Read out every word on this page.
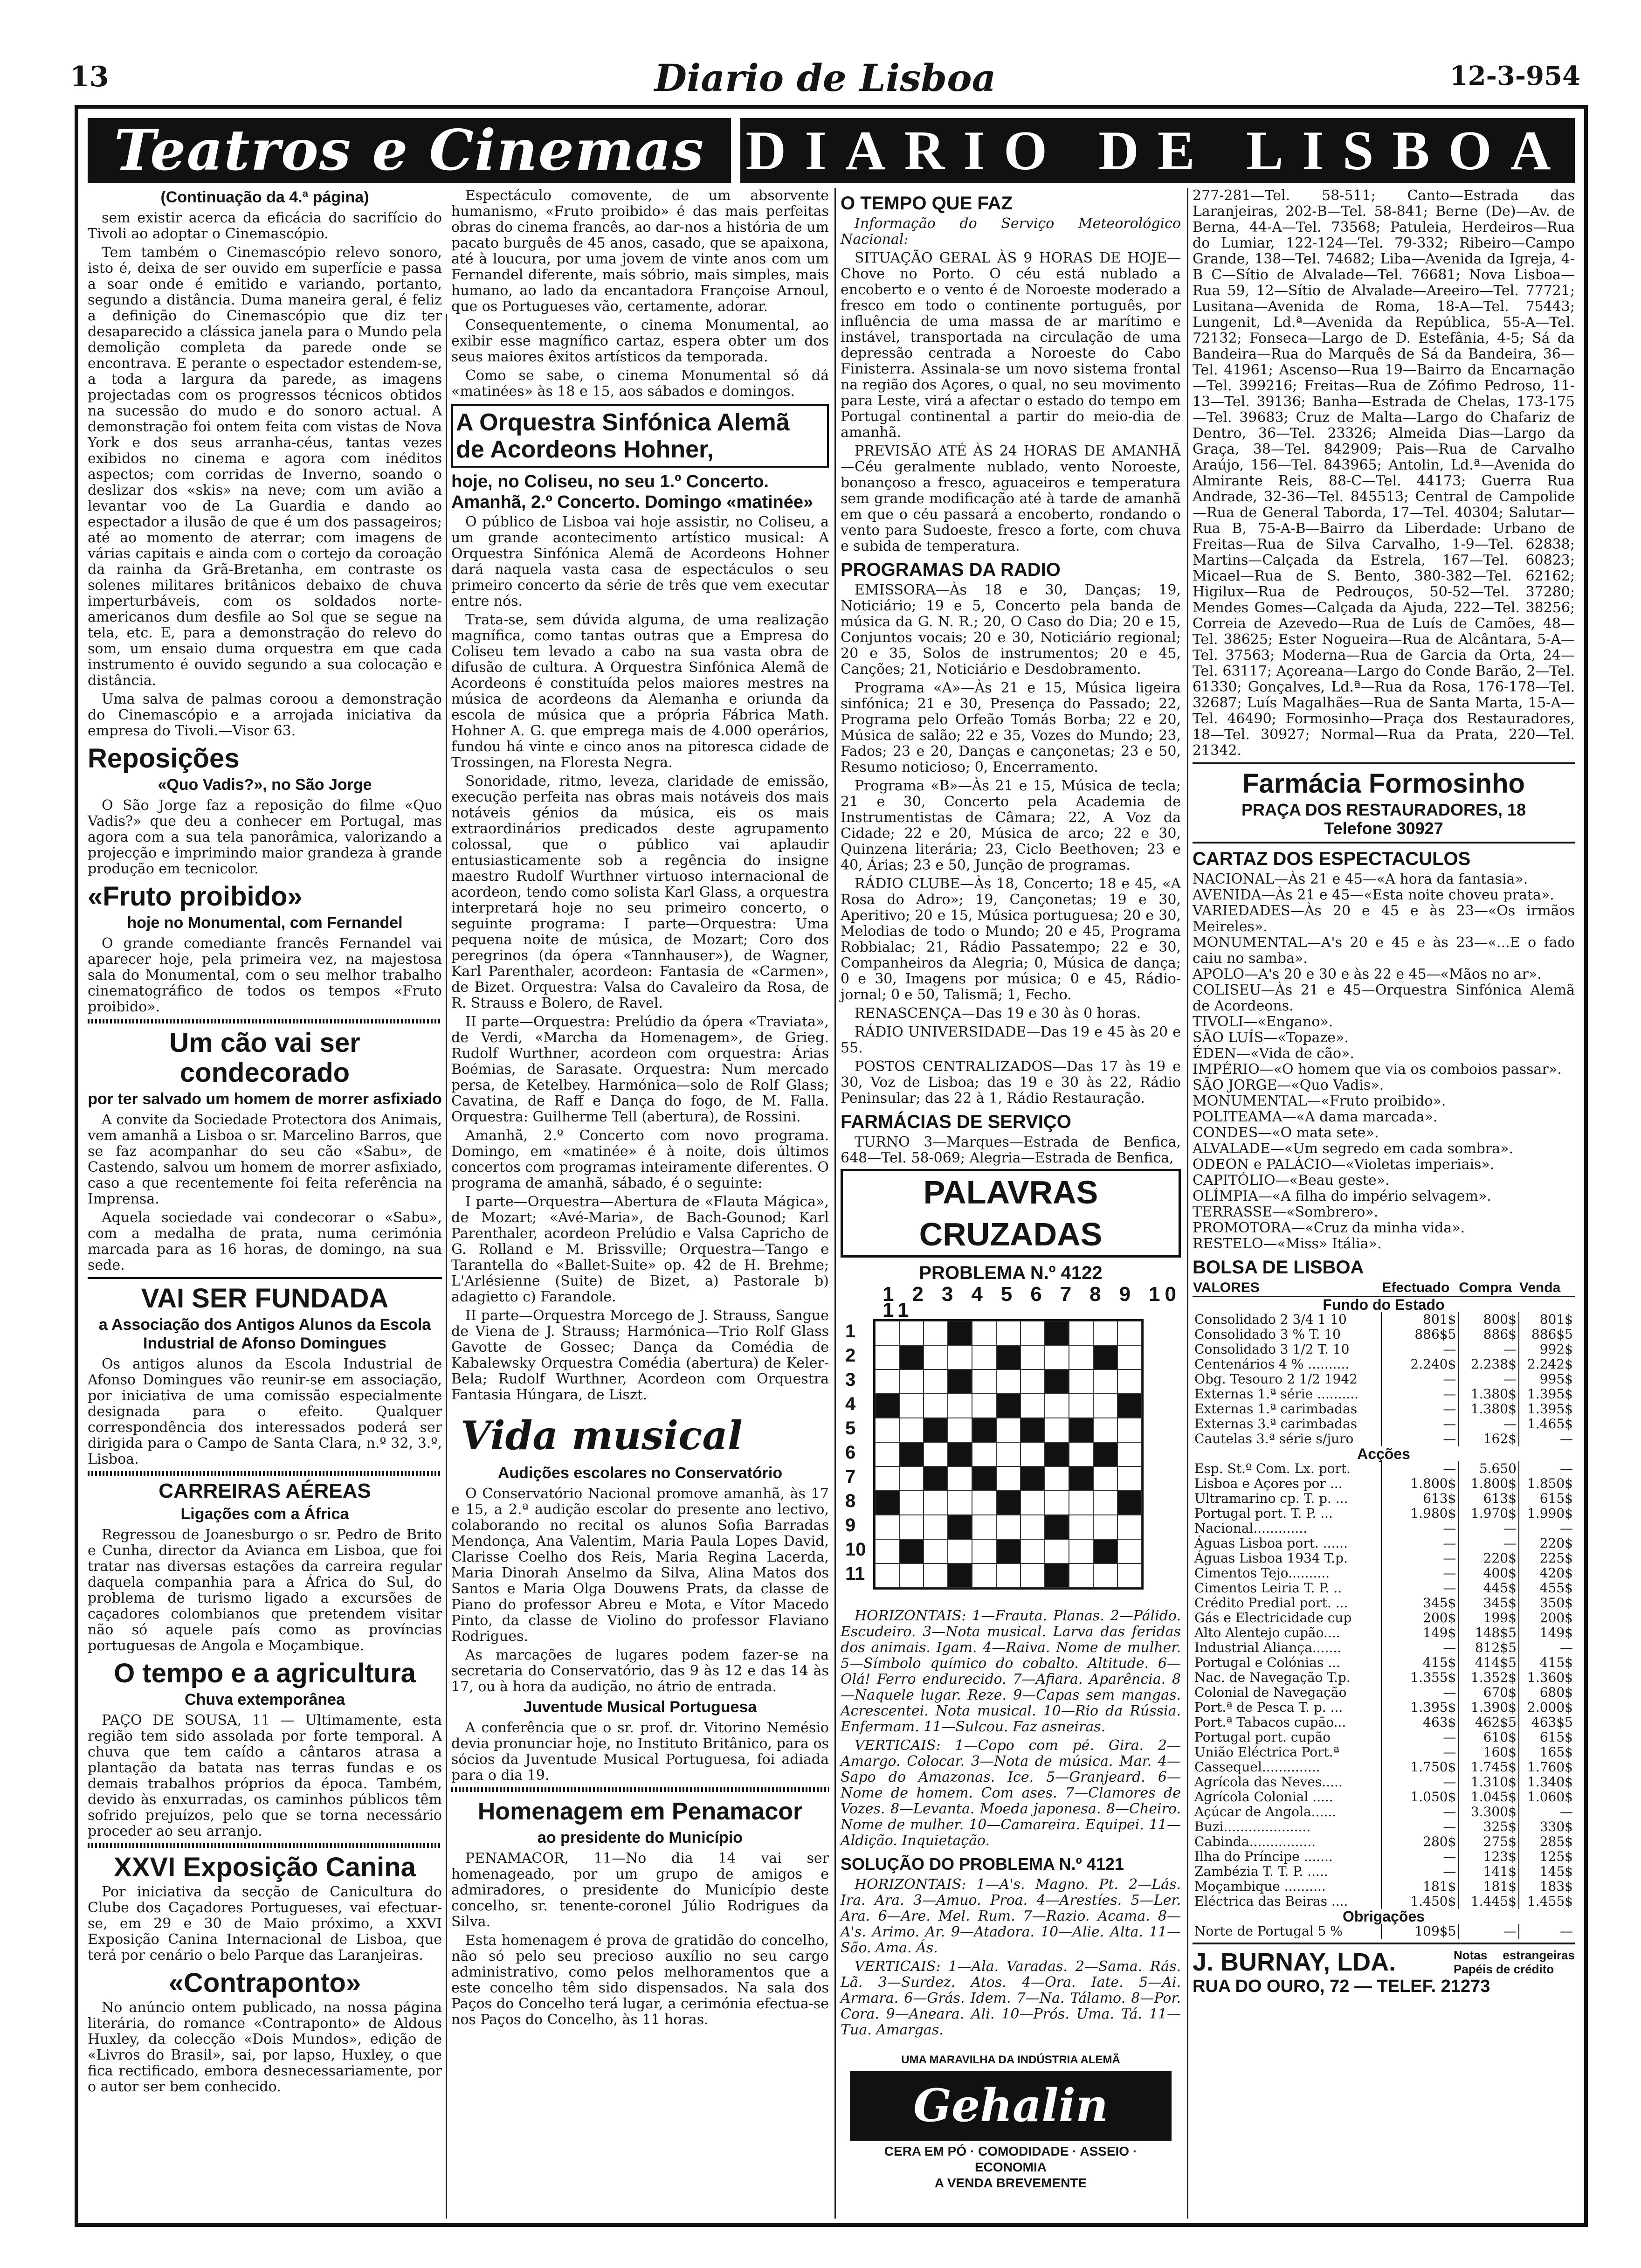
13	Diario de Lisboa	12-3-954
Teatros e Cinemas DIARIO DE LISBOA
(Continuação da 4.ª página)

sem existir acerca da eficácia do sacrifício do Tivoli ao adoptar o Cinemascópio.

Tem também o Cinemascópio relevo sonoro, isto é, deixa de ser ouvido em superfície e passa a soar onde é emitido e variando, portanto, segundo a distância. Duma maneira geral, é feliz a definição do Cinemascópio que diz ter desaparecido a clássica janela para o Mundo pela demolição completa da parede onde se encontrava. E perante o espectador estendem-se, a toda a largura da parede, as imagens projectadas com os progressos técnicos obtidos na sucessão do mudo e do sonoro actual. A demonstração foi ontem feita com vistas de Nova York e dos seus arranha-céus, tantas vezes exibidos no cinema e agora com inéditos aspectos; com corridas de Inverno, soando o deslizar dos «skis» na neve; com um avião a levantar voo de La Guardia e dando ao espectador a ilusão de que é um dos passageiros; até ao momento de aterrar; com imagens de várias capitais e ainda com o cortejo da coroação da rainha da Grã-Bretanha, em contraste os solenes militares britânicos debaixo de chuva imperturbáveis, com os soldados norte-americanos dum desfile ao Sol que se segue na tela, etc. E, para a demonstração do relevo do som, um ensaio duma orquestra em que cada instrumento é ouvido segundo a sua colocação e distância.

Uma salva de palmas coroou a demonstração do Cinemascópio e a arrojada iniciativa da empresa do Tivoli.—Visor 63.

Reposições
«Quo Vadis?», no São Jorge

O São Jorge faz a reposição do filme «Quo Vadis?» que deu a conhecer em Portugal, mas agora com a sua tela panorâmica, valorizando a projecção e imprimindo maior grandeza à grande produção em tecnicolor.

«Fruto proibido»
hoje no Monumental, com Fernandel

O grande comediante francês Fernandel vai aparecer hoje, pela primeira vez, na majestosa sala do Monumental, com o seu melhor trabalho cinematográfico de todos os tempos «Fruto proibido».

Um cão vai ser condecorado
por ter salvado um homem de morrer asfixiado

A convite da Sociedade Protectora dos Animais, vem amanhã a Lisboa o sr. Marcelino Barros, que se faz acompanhar do seu cão «Sabu», de Castendo, salvou um homem de morrer asfixiado, caso a que recentemente foi feita referência na Imprensa.

Aquela sociedade vai condecorar o «Sabu», com a medalha de prata, numa cerimónia marcada para as 16 horas, de domingo, na sua sede.

VAI SER FUNDADA
a Associação dos Antigos Alunos da Escola Industrial de Afonso Domingues

Os antigos alunos da Escola Industrial de Afonso Domingues vão reunir-se em associação, por iniciativa de uma comissão especialmente designada para o efeito. Qualquer correspondência dos interessados poderá ser dirigida para o Campo de Santa Clara, n.º 32, 3.º, Lisboa.

CARREIRAS AÉREAS
Ligações com a África

Regressou de Joanesburgo o sr. Pedro de Brito e Cunha, director da Avianca em Lisboa, que foi tratar nas diversas estações da carreira regular daquela companhia para a África do Sul, do problema de turismo ligado a excursões de caçadores colombianos que pretendem visitar não só aquele país como as províncias portuguesas de Angola e Moçambique.

O tempo e a agricultura
Chuva extemporânea

PAÇO DE SOUSA, 11 — Ultimamente, esta região tem sido assolada por forte temporal. A chuva que tem caído a cântaros atrasa a plantação da batata nas terras fundas e os demais trabalhos próprios da época. Também, devido às enxurradas, os caminhos públicos têm sofrido prejuízos, pelo que se torna necessário proceder ao seu arranjo.

XXVI Exposição Canina

Por iniciativa da secção de Canicultura do Clube dos Caçadores Portugueses, vai efectuar-se, em 29 e 30 de Maio próximo, a XXVI Exposição Canina Internacional de Lisboa, que terá por cenário o belo Parque das Laranjeiras.

«Contraponto»

No anúncio ontem publicado, na nossa página literária, do romance «Contraponto» de Aldous Huxley, da colecção «Dois Mundos», edição de «Livros do Brasil», sai, por lapso, Huxley, o que fica rectificado, embora desnecessariamente, por o autor ser bem conhecido.

Espectáculo comovente, de um absorvente humanismo, «Fruto proibido» é das mais perfeitas obras do cinema francês, ao dar-nos a história de um pacato burguês de 45 anos, casado, que se apaixona, até à loucura, por uma jovem de vinte anos com um Fernandel diferente, mais sóbrio, mais simples, mais humano, ao lado da encantadora Françoise Arnoul, que os Portugueses vão, certamente, adorar.

Consequentemente, o cinema Monumental, ao exibir esse magnífico cartaz, espera obter um dos seus maiores êxitos artísticos da temporada.

Como se sabe, o cinema Monumental só dá «matinées» às 18 e 15, aos sábados e domingos.

A Orquestra Sinfónica Alemã de Acordeons Hohner,
hoje, no Coliseu, no seu 1.º Concerto. Amanhã, 2.º Concerto. Domingo «matinée»

O público de Lisboa vai hoje assistir, no Coliseu, a um grande acontecimento artístico musical: A Orquestra Sinfónica Alemã de Acordeons Hohner dará naquela vasta casa de espectáculos o seu primeiro concerto da série de três que vem executar entre nós.

Trata-se, sem dúvida alguma, de uma realização magnífica, como tantas outras que a Empresa do Coliseu tem levado a cabo na sua vasta obra de difusão de cultura. A Orquestra Sinfónica Alemã de Acordeons é constituída pelos maiores mestres na música de acordeons da Alemanha e oriunda da escola de música que a própria Fábrica Math. Hohner A. G. que emprega mais de 4.000 operários, fundou há vinte e cinco anos na pitoresca cidade de Trossingen, na Floresta Negra.

Sonoridade, ritmo, leveza, claridade de emissão, execução perfeita nas obras mais notáveis dos mais notáveis génios da música, eis os mais extraordinários predicados deste agrupamento colossal, que o público vai aplaudir entusiasticamente sob a regência do insigne maestro Rudolf Wurthner virtuoso internacional de acordeon, tendo como solista Karl Glass, a orquestra interpretará hoje no seu primeiro concerto, o seguinte programa: I parte—Orquestra: Uma pequena noite de música, de Mozart; Coro dos peregrinos (da ópera «Tannhauser»), de Wagner, Karl Parenthaler, acordeon: Fantasia de «Carmen», de Bizet. Orquestra: Valsa do Cavaleiro da Rosa, de R. Strauss e Bolero, de Ravel.

II parte—Orquestra: Prelúdio da ópera «Traviata», de Verdi, «Marcha da Homenagem», de Grieg. Rudolf Wurthner, acordeon com orquestra: Árias Boémias, de Sarasate. Orquestra: Num mercado persa, de Ketelbey. Harmónica—solo de Rolf Glass; Cavatina, de Raff e Dança do fogo, de M. Falla. Orquestra: Guilherme Tell (abertura), de Rossini.

Amanhã, 2.º Concerto com novo programa. Domingo, em «matinée» é à noite, dois últimos concertos com programas inteiramente diferentes. O programa de amanhã, sábado, é o seguinte:

I parte—Orquestra—Abertura de «Flauta Mágica», de Mozart; «Avé-Maria», de Bach-Gounod; Karl Parenthaler, acordeon Prelúdio e Valsa Capricho de G. Rolland e M. Brissville; Orquestra—Tango e Tarantella do «Ballet-Suite» op. 42 de H. Brehme; L'Arlésienne (Suite) de Bizet, a) Pastorale b) adagietto c) Farandole.

II parte—Orquestra Morcego de J. Strauss, Sangue de Viena de J. Strauss; Harmónica—Trio Rolf Glass Gavotte de Gossec; Dança da Comédia de Kabalewsky Orquestra Comédia (abertura) de Keler-Bela; Rudolf Wurthner, Acordeon com Orquestra Fantasia Húngara, de Liszt.

Vida musical
Audições escolares no Conservatório

O Conservatório Nacional promove amanhã, às 17 e 15, a 2.ª audição escolar do presente ano lectivo, colaborando no recital os alunos Sofia Barradas Mendonça, Ana Valentim, Maria Paula Lopes David, Clarisse Coelho dos Reis, Maria Regina Lacerda, Maria Dinorah Anselmo da Silva, Alina Matos dos Santos e Maria Olga Douwens Prats, da classe de Piano do professor Abreu e Mota, e Vítor Macedo Pinto, da classe de Violino do professor Flaviano Rodrigues.

As marcações de lugares podem fazer-se na secretaria do Conservatório, das 9 às 12 e das 14 às 17, ou à hora da audição, no átrio de entrada.

Juventude Musical Portuguesa

A conferência que o sr. prof. dr. Vitorino Nemésio devia pronunciar hoje, no Instituto Britânico, para os sócios da Juventude Musical Portuguesa, foi adiada para o dia 19.

Homenagem em Penamacor
ao presidente do Município

PENAMACOR, 11—No dia 14 vai ser homenageado, por um grupo de amigos e admiradores, o presidente do Município deste concelho, sr. tenente-coronel Júlio Rodrigues da Silva.

Esta homenagem é prova de gratidão do concelho, não só pelo seu precioso auxílio no seu cargo administrativo, como pelos melhoramentos que a este concelho têm sido dispensados. Na sala dos Paços do Concelho terá lugar, a cerimónia efectua-se nos Paços do Concelho, às 11 horas.

O TEMPO QUE FAZ

Informação do Serviço Meteorológico Nacional:

SITUAÇÃO GERAL ÀS 9 HORAS DE HOJE—Chove no Porto. O céu está nublado a encoberto e o vento é de Noroeste moderado a fresco em todo o continente português, por influência de uma massa de ar marítimo e instável, transportada na circulação de uma depressão centrada a Noroeste do Cabo Finisterra. Assinala-se um novo sistema frontal na região dos Açores, o qual, no seu movimento para Leste, virá a afectar o estado do tempo em Portugal continental a partir do meio-dia de amanhã.

PREVISÃO ATÉ ÀS 24 HORAS DE AMANHÃ—Céu geralmente nublado, vento Noroeste, bonançoso a fresco, aguaceiros e temperatura sem grande modificação até à tarde de amanhã em que o céu passará a encoberto, rondando o vento para Sudoeste, fresco a forte, com chuva e subida de temperatura.

PROGRAMAS DA RADIO

EMISSORA—Às 18 e 30, Danças; 19, Noticiário; 19 e 5, Concerto pela banda de música da G. N. R.; 20, O Caso do Dia; 20 e 15, Conjuntos vocais; 20 e 30, Noticiário regional; 20 e 35, Solos de instrumentos; 20 e 45, Canções; 21, Noticiário e Desdobramento.

Programa «A»—Às 21 e 15, Música ligeira sinfónica; 21 e 30, Presença do Passado; 22, Programa pelo Orfeão Tomás Borba; 22 e 20, Música de salão; 22 e 35, Vozes do Mundo; 23, Fados; 23 e 20, Danças e cançonetas; 23 e 50, Resumo noticioso; 0, Encerramento.

Programa «B»—Às 21 e 15, Música de tecla; 21 e 30, Concerto pela Academia de Instrumentistas de Câmara; 22, A Voz da Cidade; 22 e 20, Música de arco; 22 e 30, Quinzena literária; 23, Ciclo Beethoven; 23 e 40, Árias; 23 e 50, Junção de programas.

RÁDIO CLUBE—Às 18, Concerto; 18 e 45, «A Rosa do Adro»; 19, Cançonetas; 19 e 30, Aperitivo; 20 e 15, Música portuguesa; 20 e 30, Melodias de todo o Mundo; 20 e 45, Programa Robbialac; 21, Rádio Passatempo; 22 e 30, Companheiros da Alegria; 0, Música de dança; 0 e 30, Imagens por música; 0 e 45, Rádio-jornal; 0 e 50, Talismã; 1, Fecho.

RENASCENÇA—Das 19 e 30 às 0 horas.

RÁDIO UNIVERSIDADE—Das 19 e 45 às 20 e 55.

POSTOS CENTRALIZADOS—Das 17 às 19 e 30, Voz de Lisboa; das 19 e 30 às 22, Rádio Peninsular; das 22 à 1, Rádio Restauração.

FARMÁCIAS DE SERVIÇO

TURNO 3—Marques—Estrada de Benfica, 648—Tel. 58-069; Alegria—Estrada de Benfica,

PALAVRAS CRUZADAS
PROBLEMA N.º 4122
1 2 3 4 5 6 7 8 9 10 11
1
2
3
4
5
6
7
8
9
10
11

HORIZONTAIS: 1—Frauta. Planas. 2—Pálido. Escudeiro. 3—Nota musical. Larva das feridas dos animais. Igam. 4—Raiva. Nome de mulher. 5—Símbolo químico do cobalto. Altitude. 6—Olá! Ferro endurecido. 7—Afiara. Aparência. 8—Naquele lugar. Reze. 9—Capas sem mangas. Acrescentei. Nota musical. 10—Rio da Rússia. Enfermam. 11—Sulcou. Faz asneiras.

VERTICAIS: 1—Copo com pé. Gira. 2—Amargo. Colocar. 3—Nota de música. Mar. 4—Sapo do Amazonas. Ice. 5—Granjeard. 6—Nome de homem. Com ases. 7—Clamores de Vozes. 8—Levanta. Moeda japonesa. 8—Cheiro. Nome de mulher. 10—Camareira. Equipei. 11—Aldição. Inquietação.

SOLUÇÃO DO PROBLEMA N.º 4121

HORIZONTAIS: 1—A's. Magno. Pt. 2—Lás. Ira. Ara. 3—Amuo. Proa. 4—Arestíes. 5—Ler. Ara. 6—Are. Mel. Rum. 7—Razio. Acama. 8—A's. Arimo. Ar. 9—Atadora. 10—Alie. Alta. 11—São. Ama. Ás.

VERTICAIS: 1—Ala. Varadas. 2—Sama. Rás. Lã. 3—Surdez. Atos. 4—Ora. Iate. 5—Ai. Armara. 6—Grás. Idem. 7—Na. Tálamo. 8—Por. Cora. 9—Aneara. Ali. 10—Prós. Uma. Tá. 11—Tua. Amargas.

UMA MARAVILHA DA INDÚSTRIA ALEMÃ
Gehalin
CERA EM PÓ · COMODIDADE · ASSEIO · ECONOMIA
A VENDA BREVEMENTE

277-281—Tel. 58-511; Canto—Estrada das Laranjeiras, 202-B—Tel. 58-841; Berne (De)—Av. de Berna, 44-A—Tel. 73568; Patuleia, Herdeiros—Rua do Lumiar, 122-124—Tel. 79-332; Ribeiro—Campo Grande, 138—Tel. 74682; Liba—Avenida da Igreja, 4-B C—Sítio de Alvalade—Tel. 76681; Nova Lisboa—Rua 59, 12—Sítio de Alvalade—Areeiro—Tel. 77721; Lusitana—Avenida de Roma, 18-A—Tel. 75443; Lungenit, Ld.ª—Avenida da República, 55-A—Tel. 72132; Fonseca—Largo de D. Estefânia, 4-5; Sá da Bandeira—Rua do Marquês de Sá da Bandeira, 36—Tel. 41961; Ascenso—Rua 19—Bairro da Encarnação—Tel. 399216; Freitas—Rua de Zófimo Pedroso, 11-13—Tel. 39136; Banha—Estrada de Chelas, 173-175—Tel. 39683; Cruz de Malta—Largo do Chafariz de Dentro, 36—Tel. 23326; Almeida Dias—Largo da Graça, 38—Tel. 842909; Pais—Rua de Carvalho Araújo, 156—Tel. 843965; Antolin, Ld.ª—Avenida do Almirante Reis, 88-C—Tel. 44173; Guerra Rua Andrade, 32-36—Tel. 845513; Central de Campolide—Rua de General Taborda, 17—Tel. 40304; Salutar—Rua B, 75-A-B—Bairro da Liberdade: Urbano de Freitas—Rua de Silva Carvalho, 1-9—Tel. 62838; Martins—Calçada da Estrela, 167—Tel. 60823; Micael—Rua de S. Bento, 380-382—Tel. 62162; Higilux—Rua de Pedrouços, 50-52—Tel. 37280; Mendes Gomes—Calçada da Ajuda, 222—Tel. 38256; Correia de Azevedo—Rua de Luís de Camões, 48—Tel. 38625; Ester Nogueira—Rua de Alcântara, 5-A—Tel. 37563; Moderna—Rua de Garcia da Orta, 24—Tel. 63117; Açoreana—Largo do Conde Barão, 2—Tel. 61330; Gonçalves, Ld.ª—Rua da Rosa, 176-178—Tel. 32687; Luís Magalhães—Rua de Santa Marta, 15-A—Tel. 46490; Formosinho—Praça dos Restauradores, 18—Tel. 30927; Normal—Rua da Prata, 220—Tel. 21342.

Farmácia Formosinho
PRAÇA DOS RESTAURADORES, 18
Telefone 30927
CARTAZ DOS ESPECTACULOS
NACIONAL—Às 21 e 45—«A hora da fantasia».
AVENIDA—Às 21 e 45—«Esta noite choveu prata».
VARIEDADES—Às 20 e 45 e às 23—«Os irmãos Meireles».
MONUMENTAL—A's 20 e 45 e às 23—«...E o fado caiu no samba».
APOLO—A's 20 e 30 e às 22 e 45—«Mãos no ar».
COLISEU—Às 21 e 45—Orquestra Sinfónica Alemã de Acordeons.
TIVOLI—«Engano».
SÃO LUÍS—«Topaze».
ÉDEN—«Vida de cão».
IMPÉRIO—«O homem que via os comboios passar».
SÃO JORGE—«Quo Vadis».
MONUMENTAL—«Fruto proibido».
POLITEAMA—«A dama marcada».
CONDES—«O mata sete».
ALVALADE—«Um segredo em cada sombra».
ODEON e PALÁCIO—«Violetas imperiais».
CAPITÓLIO—«Beau geste».
OLÍMPIA—«A filha do império selvagem».
TERRASSE—«Sombrero».
PROMOTORA—«Cruz da minha vida».
RESTELO—«Miss» Itália».
BOLSA DE LISBOA
VALORES	Efectuado	Compra	Venda
Fundo do Estado			
Consolidado 2 3/4 1 10	801$	800$	801$
Consolidado 3 % T. 10	886$5	886$	886$5
Consolidado 3 1/2 T. 10	—	—	992$
Centenários 4 % ..........	2.240$	2.238$	2.242$
Obg. Tesouro 2 1/2 1942	—	—	995$
Externas 1.ª série ..........	—	1.380$	1.395$
Externas 1.ª carimbadas	—	1.380$	1.395$
Externas 3.ª carimbadas	—	—	1.465$
Cautelas 3.ª série s/juro	—	162$	—
Acções			
Esp. St.º Com. Lx. port.	—	5.650	—
Lisboa e Açores por ...	1.800$	1.800$	1.850$
Ultramarino cp. T. p. ...	613$	613$	615$
Portugal port. T. P. ...	1.980$	1.970$	1.990$
Nacional.............	—	—	—
Águas Lisboa port. ......	—	—	220$
Águas Lisboa 1934 T.p.	—	220$	225$
Cimentos Tejo..........	—	400$	420$
Cimentos Leiria T. P. ..	—	445$	455$
Crédito Predial port. ...	345$	345$	350$
Gás e Electricidade cup	200$	199$	200$
Alto Alentejo cupão....	149$	148$5	149$
Industrial Aliança.......	—	812$5	—
Portugal e Colónias ...	415$	414$5	415$
Nac. de Navegação T.p.	1.355$	1.352$	1.360$
Colonial de Navegação	—	670$	680$
Port.ª de Pesca T. p. ...	1.395$	1.390$	2.000$
Port.ª Tabacos cupão...	463$	462$5	463$5
Portugal port. cupão	—	610$	615$
União Eléctrica Port.ª	—	160$	165$
Cassequel..............	1.750$	1.745$	1.760$
Agrícola das Neves.....	—	1.310$	1.340$
Agrícola Colonial .....	1.050$	1.045$	1.060$
Açúcar de Angola......	—	3.300$	—
Buzi.....................	—	325$	330$
Cabinda................	280$	275$	285$
Ilha do Príncipe .......	—	123$	125$
Zambézia T. T. P. .....	—	141$	145$
Moçambique ..........	181$	181$	183$
Eléctrica das Beiras ....	1.450$	1.445$	1.455$
Obrigações			
Norte de Portugal 5 %	109$5	—	—
J. BURNAY, LDA.	Notas estrangeiras Papéis de crédito
RUA DO OURO, 72 — TELEF. 21273
